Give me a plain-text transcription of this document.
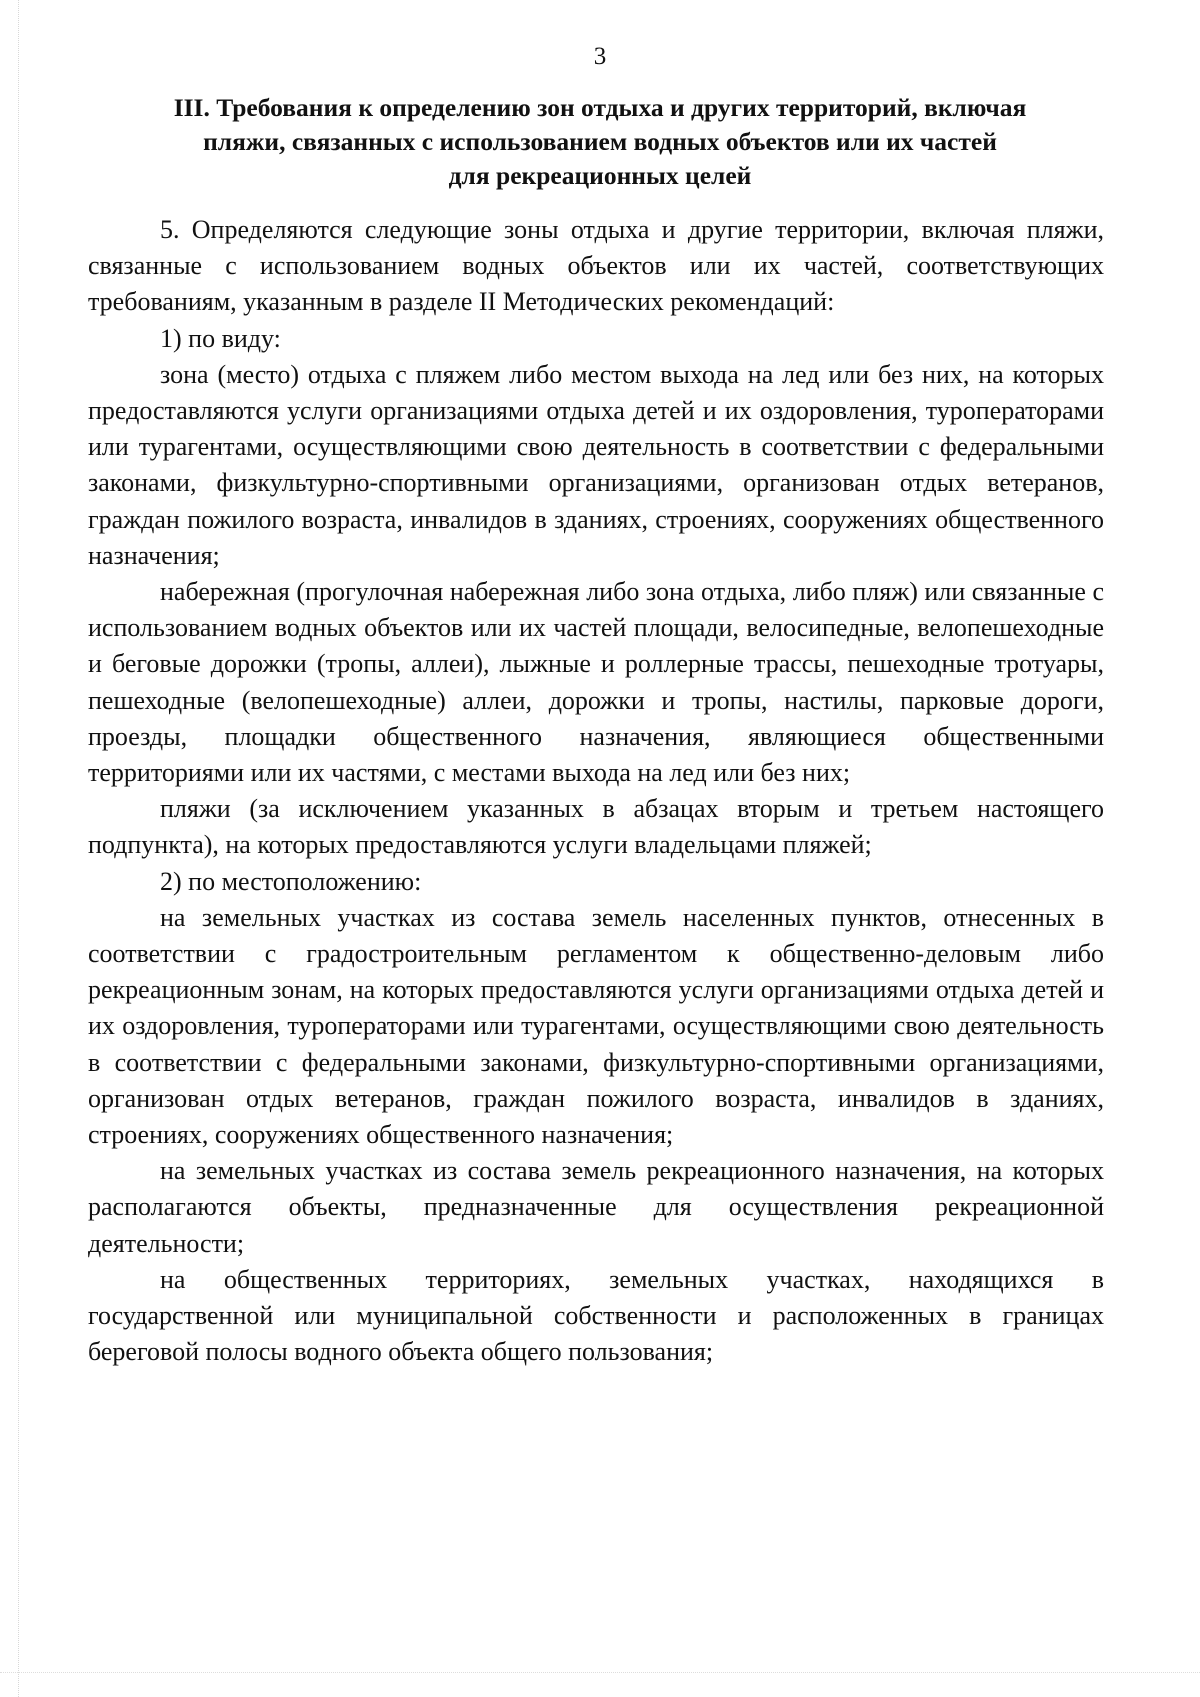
3
III. Требования к определению зон отдыха и других территорий, включая
пляжи, связанных с использованием водных объектов или их частей
для рекреационных целей

5. Определяются следующие зоны отдыха и другие территории, включая пляжи, связанные с использованием водных объектов или их частей, соответствующих требованиям, указанным в разделе II Методических рекомендаций:

1) по виду:

зона (место) отдыха с пляжем либо местом выхода на лед или без них, на которых предоставляются услуги организациями отдыха детей и их оздоровления, туроператорами или турагентами, осуществляющими свою деятельность в соответствии с федеральными законами, физкультурно-спортивными организациями, организован отдых ветеранов, граждан пожилого возраста, инвалидов в зданиях, строениях, сооружениях общественного назначения;

набережная (прогулочная набережная либо зона отдыха, либо пляж) или связанные с использованием водных объектов или их частей площади, велосипедные, велопешеходные и беговые дорожки (тропы, аллеи), лыжные и роллерные трассы, пешеходные тротуары, пешеходные (велопешеходные) аллеи, дорожки и тропы, настилы, парковые дороги, проезды, площадки общественного назначения, являющиеся общественными территориями или их частями, с местами выхода на лед или без них;

пляжи (за исключением указанных в абзацах вторым и третьем настоящего подпункта), на которых предоставляются услуги владельцами пляжей;

2) по местоположению:

на земельных участках из состава земель населенных пунктов, отнесенных в соответствии с градостроительным регламентом к общественно-деловым либо рекреационным зонам, на которых предоставляются услуги организациями отдыха детей и их оздоровления, туроператорами или турагентами, осуществляющими свою деятельность в соответствии с федеральными законами, физкультурно-спортивными организациями, организован отдых ветеранов, граждан пожилого возраста, инвалидов в зданиях, строениях, сооружениях общественного назначения;

на земельных участках из состава земель рекреационного назначения, на которых располагаются объекты, предназначенные для осуществления рекреационной деятельности;

на общественных территориях, земельных участках, находящихся в государственной или муниципальной собственности и расположенных в границах береговой полосы водного объекта общего пользования;
